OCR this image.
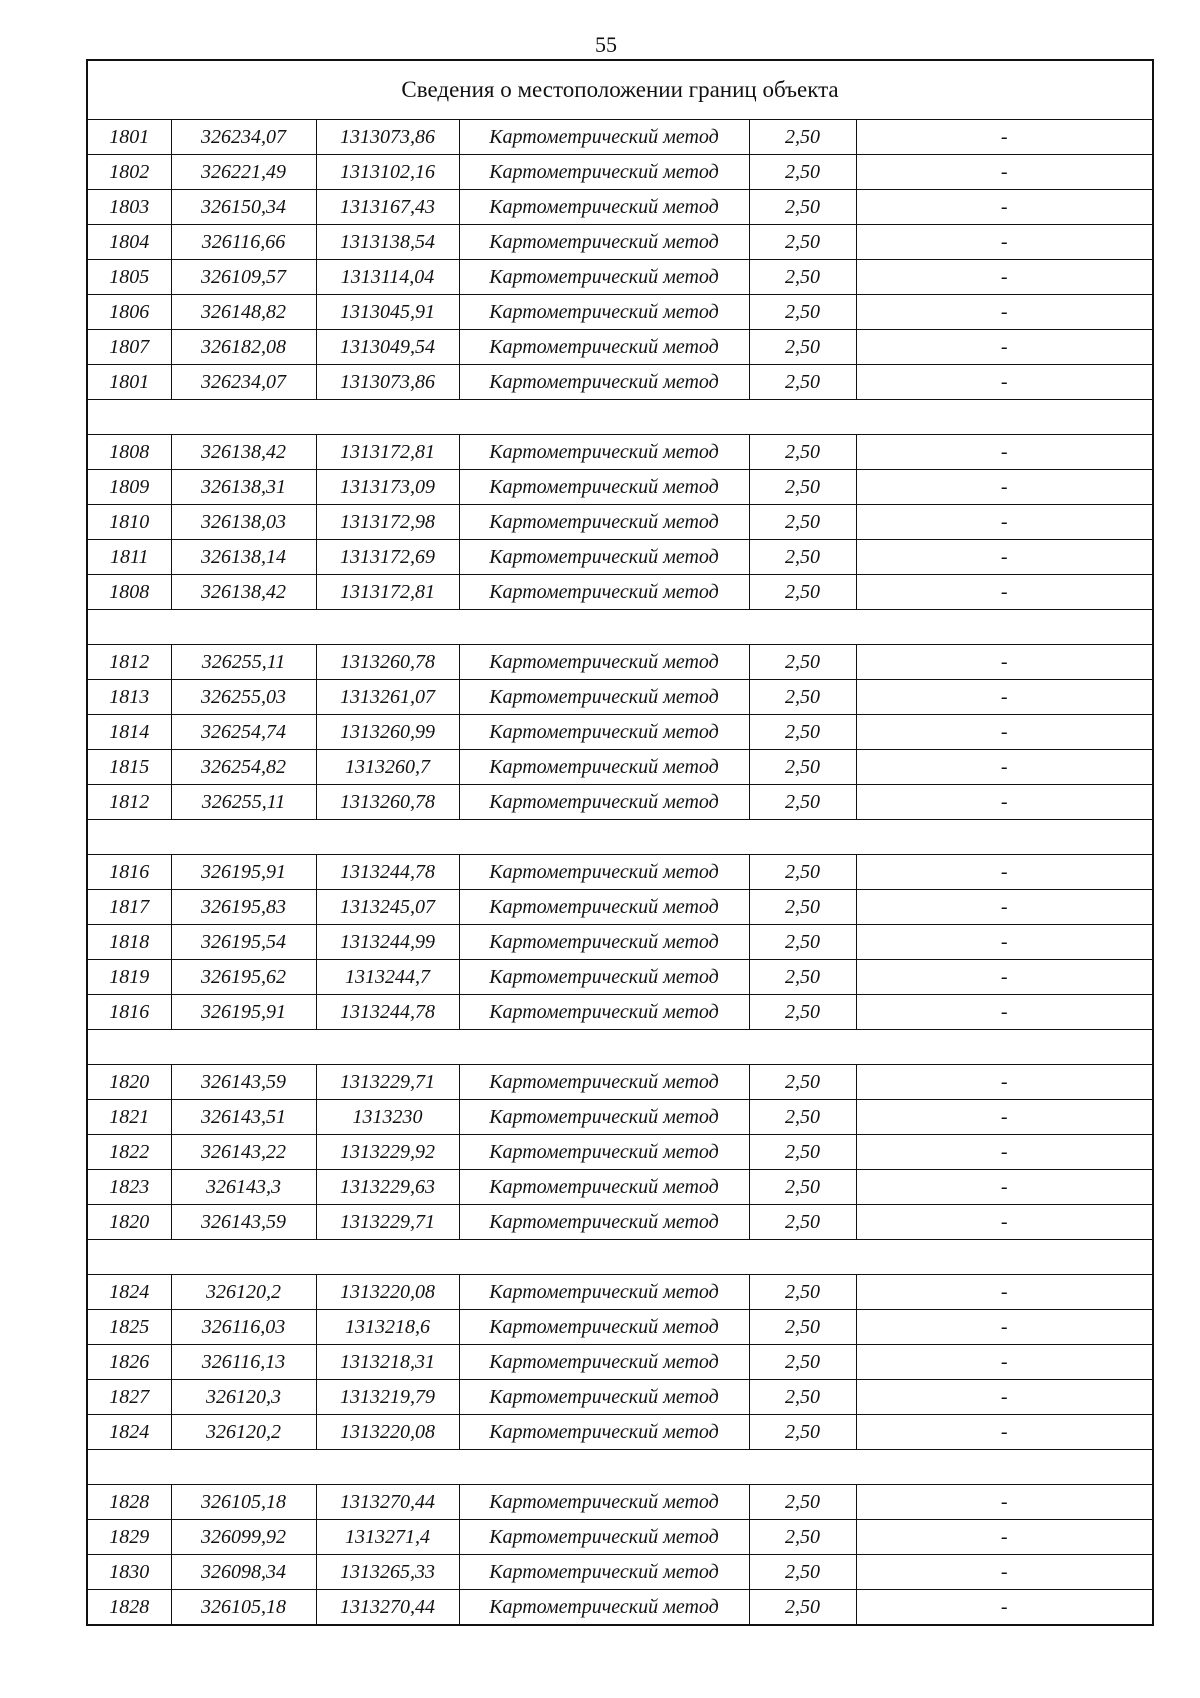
55
Сведения о местоположении границ объекта					
1801	326234,07	1313073,86	Картометрический метод	2,50	-
1802	326221,49	1313102,16	Картометрический метод	2,50	-
1803	326150,34	1313167,43	Картометрический метод	2,50	-
1804	326116,66	1313138,54	Картометрический метод	2,50	-
1805	326109,57	1313114,04	Картометрический метод	2,50	-
1806	326148,82	1313045,91	Картометрический метод	2,50	-
1807	326182,08	1313049,54	Картометрический метод	2,50	-
1801	326234,07	1313073,86	Картометрический метод	2,50	-

1808	326138,42	1313172,81	Картометрический метод	2,50	-
1809	326138,31	1313173,09	Картометрический метод	2,50	-
1810	326138,03	1313172,98	Картометрический метод	2,50	-
1811	326138,14	1313172,69	Картометрический метод	2,50	-
1808	326138,42	1313172,81	Картометрический метод	2,50	-

1812	326255,11	1313260,78	Картометрический метод	2,50	-
1813	326255,03	1313261,07	Картометрический метод	2,50	-
1814	326254,74	1313260,99	Картометрический метод	2,50	-
1815	326254,82	1313260,7	Картометрический метод	2,50	-
1812	326255,11	1313260,78	Картометрический метод	2,50	-

1816	326195,91	1313244,78	Картометрический метод	2,50	-
1817	326195,83	1313245,07	Картометрический метод	2,50	-
1818	326195,54	1313244,99	Картометрический метод	2,50	-
1819	326195,62	1313244,7	Картометрический метод	2,50	-
1816	326195,91	1313244,78	Картометрический метод	2,50	-

1820	326143,59	1313229,71	Картометрический метод	2,50	-
1821	326143,51	1313230	Картометрический метод	2,50	-
1822	326143,22	1313229,92	Картометрический метод	2,50	-
1823	326143,3	1313229,63	Картометрический метод	2,50	-
1820	326143,59	1313229,71	Картометрический метод	2,50	-

1824	326120,2	1313220,08	Картометрический метод	2,50	-
1825	326116,03	1313218,6	Картометрический метод	2,50	-
1826	326116,13	1313218,31	Картометрический метод	2,50	-
1827	326120,3	1313219,79	Картометрический метод	2,50	-
1824	326120,2	1313220,08	Картометрический метод	2,50	-

1828	326105,18	1313270,44	Картометрический метод	2,50	-
1829	326099,92	1313271,4	Картометрический метод	2,50	-
1830	326098,34	1313265,33	Картометрический метод	2,50	-
1828	326105,18	1313270,44	Картометрический метод	2,50	-
